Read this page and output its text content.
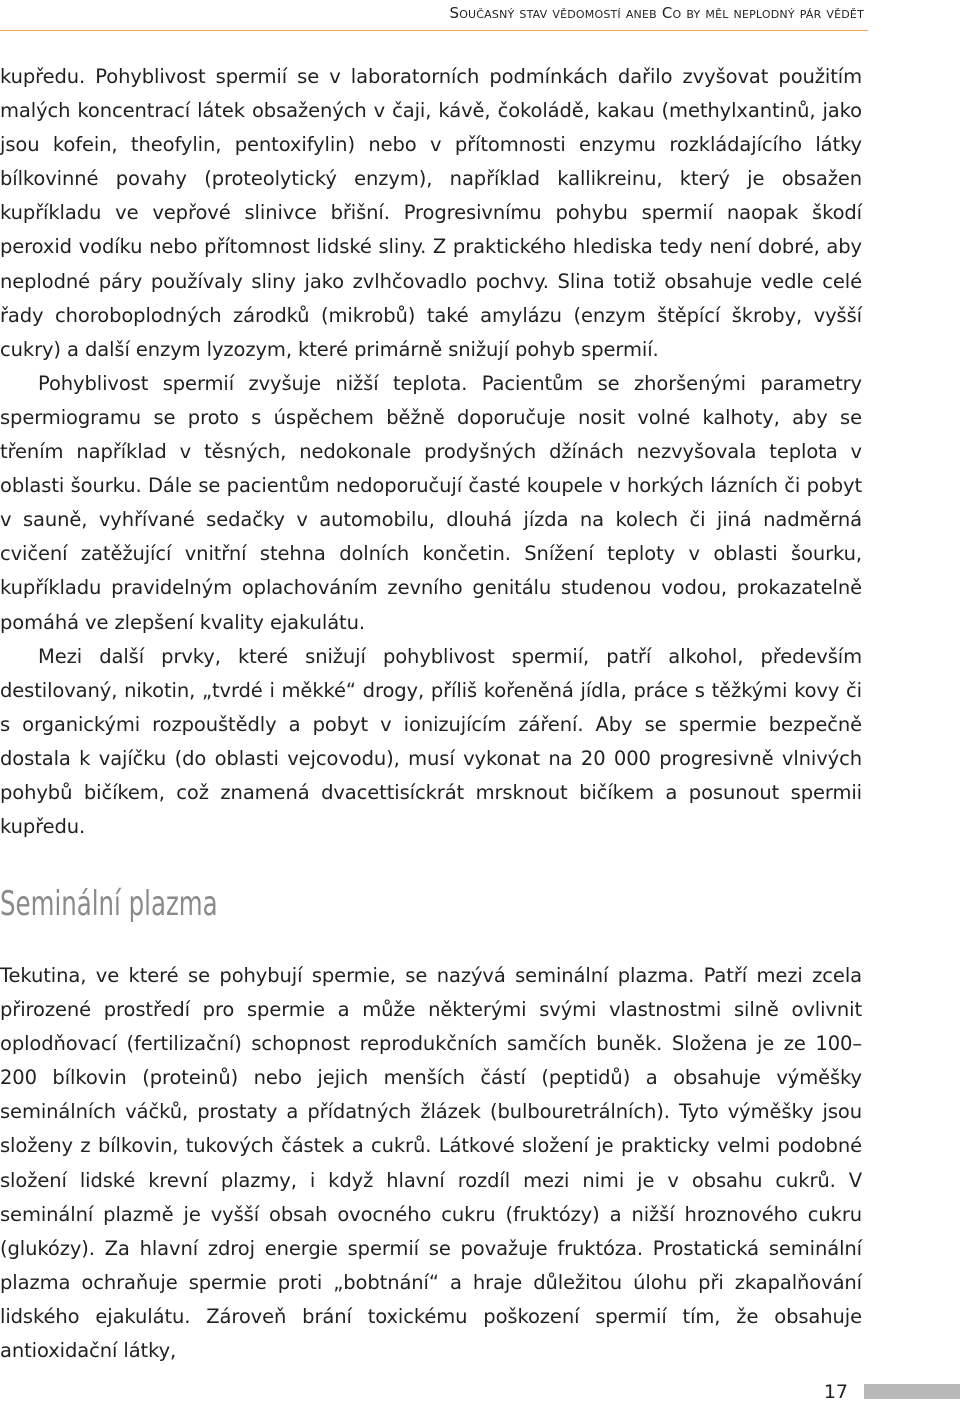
Současný stav vědomostí aneb Co by měl neplodný pár vědět

kupředu. Pohyblivost spermií se v laboratorních podmínkách dařilo zvyšovat použitím malých koncentrací látek obsažených v čaji, kávě, čokoládě, kakau (methylxantinů, jako jsou kofein, theofylin, pentoxifylin) nebo v přítomnosti enzymu rozkládajícího látky bílkovinné povahy (proteolytický enzym), například kallikreinu, který je obsažen kupříkladu ve vepřové slinivce břišní. Progresivnímu pohybu spermií naopak škodí peroxid vodíku nebo přítomnost lidské sliny. Z praktického hlediska tedy není dobré, aby neplodné páry používaly sliny jako zvlhčovadlo pochvy. Slina totiž obsahuje vedle celé řady choroboplodných zárodků (mikrobů) také amylázu (enzym štěpící škroby, vyšší cukry) a další enzym lyzozym, které primárně snižují pohyb spermií.

Pohyblivost spermií zvyšuje nižší teplota. Pacientům se zhoršenými parametry spermiogramu se proto s úspěchem běžně doporučuje nosit volné kalhoty, aby se třením například v těsných, nedokonale prodyšných džínách nezvyšovala teplota v oblasti šourku. Dále se pacientům nedoporučují časté koupele v horkých lázních či pobyt v sauně, vyhřívané sedačky v automobilu, dlouhá jízda na kolech či jiná nadměrná cvičení zatěžující vnitřní stehna dolních končetin. Snížení teploty v oblasti šourku, kupříkladu pravidelným oplachováním zevního genitálu studenou vodou, prokazatelně pomáhá ve zlepšení kvality ejakulátu.

Mezi další prvky, které snižují pohyblivost spermií, patří alkohol, především destilovaný, nikotin, „tvrdé i měkké“ drogy, příliš kořeněná jídla, práce s těžkými kovy či s organickými rozpouštědly a pobyt v ionizujícím záření. Aby se spermie bezpečně dostala k vajíčku (do oblasti vejcovodu), musí vykonat na 20 000 progresivně vlnivých pohybů bičíkem, což znamená dvacettisíckrát mrsknout bičíkem a posunout spermii kupředu.

Seminální plazma

Tekutina, ve které se pohybují spermie, se nazývá seminální plazma. Patří mezi zcela přirozené prostředí pro spermie a může některými svými vlastnostmi silně ovlivnit oplodňovací (fertilizační) schopnost reprodukčních samčích buněk. Složena je ze 100–200 bílkovin (proteinů) nebo jejich menších částí (peptidů) a obsahuje výměšky seminálních váčků, prostaty a přídatných žlázek (bulbouretrálních). Tyto výměšky jsou složeny z bílkovin, tukových částek a cukrů. Látkové složení je prakticky velmi podobné složení lidské krevní plazmy, i když hlavní rozdíl mezi nimi je v obsahu cukrů. V seminální plazmě je vyšší obsah ovocného cukru (fruktózy) a nižší hroznového cukru (glukózy). Za hlavní zdroj energie spermií se považuje fruktóza. Prostatická seminální plazma ochraňuje spermie proti „bobtnání“ a hraje důležitou úlohu při zkapalňování lidského ejakulátu. Zároveň brání toxickému poškození spermií tím, že obsahuje antioxidační látky,

17
